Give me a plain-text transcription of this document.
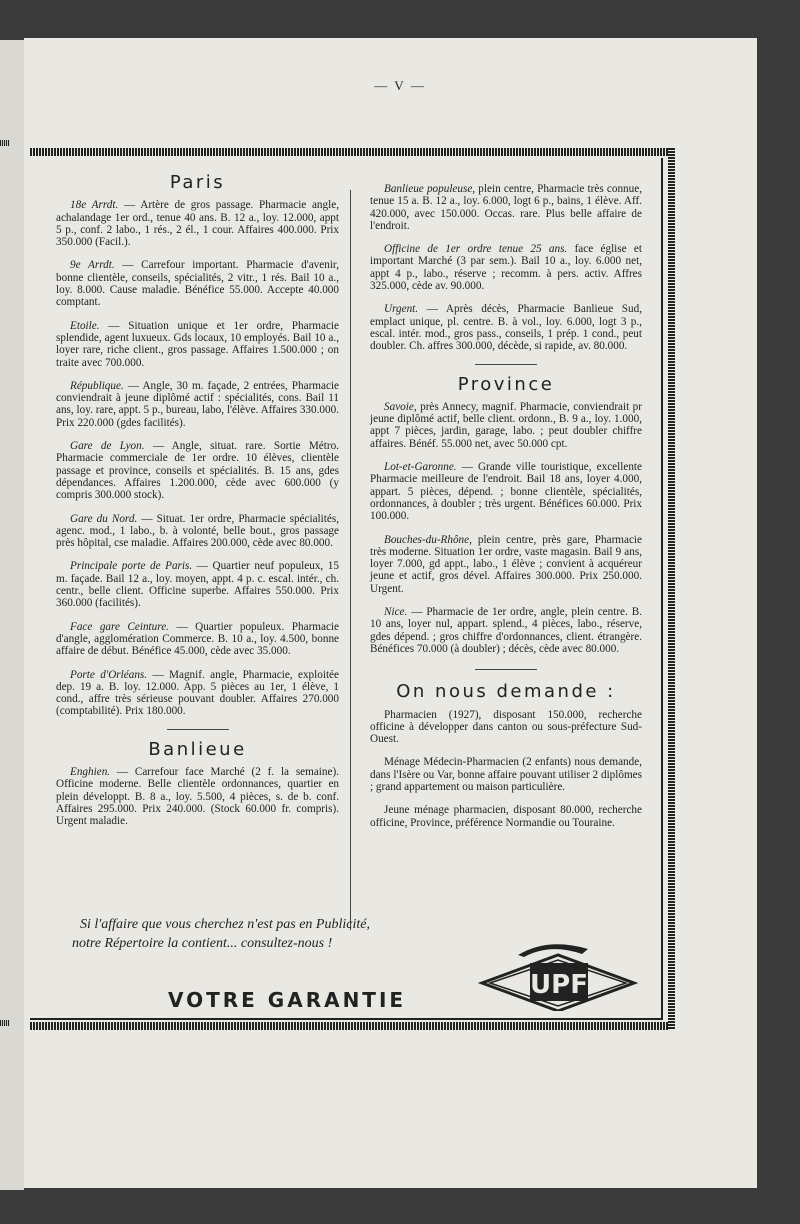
— V —
Paris

18e Arrdt. — Artère de gros passage. Pharmacie angle, achalandage 1er ord., tenue 40 ans. B. 12 a., loy. 12.000, appt 5 p., conf. 2 labo., 1 rés., 2 él., 1 cour. Affaires 400.000. Prix 350.000 (Facil.).

9e Arrdt. — Carrefour important. Pharmacie d'avenir, bonne clientèle, conseils, spécialités, 2 vitr., 1 rés. Bail 10 a., loy. 8.000. Cause maladie. Bénéfice 55.000. Accepte 40.000 comptant.

Etoile. — Situation unique et 1er ordre, Pharmacie splendide, agent luxueux. Gds locaux, 10 employés. Bail 10 a., loyer rare, riche client., gros passage. Affaires 1.500.000 ; on traite avec 700.000.

République. — Angle, 30 m. façade, 2 entrées, Pharmacie conviendrait à jeune diplômé actif : spécialités, cons. Bail 11 ans, loy. rare, appt. 5 p., bureau, labo, l'élève. Affaires 330.000. Prix 220.000 (gdes facilités).

Gare de Lyon. — Angle, situat. rare. Sortie Métro. Pharmacie commerciale de 1er ordre. 10 élèves, clientèle passage et province, conseils et spécialités. B. 15 ans, gdes dépendances. Affaires 1.200.000, cède avec 600.000 (y compris 300.000 stock).

Gare du Nord. — Situat. 1er ordre, Pharmacie spécialités, agenc. mod., 1 labo., b. à volonté, belle bout., gros passage près hôpital, cse maladie. Affaires 200.000, cède avec 80.000.

Principale porte de Paris. — Quartier neuf populeux, 15 m. façade. Bail 12 a., loy. moyen, appt. 4 p. c. escal. intér., ch. centr., belle client. Officine superbe. Affaires 550.000. Prix 360.000 (facilités).

Face gare Ceinture. — Quartier populeux. Pharmacie d'angle, agglomération Commerce. B. 10 a., loy. 4.500, bonne affaire de début. Bénéfice 45.000, cède avec 35.000.

Porte d'Orléans. — Magnif. angle, Pharmacie, exploitée dep. 19 a. B. loy. 12.000. App. 5 pièces au 1er, 1 élève, 1 cond., affre très sérieuse pouvant doubler. Affaires 270.000 (comptabilité). Prix 180.000.

Banlieue

Enghien. — Carrefour face Marché (2 f. la semaine). Officine moderne. Belle clientèle ordonnances, quartier en plein développt. B. 8 a., loy. 5.500, 4 pièces, s. de b. conf. Affaires 295.000. Prix 240.000. (Stock 60.000 fr. compris). Urgent maladie.

Banlieue populeuse, plein centre, Pharmacie très connue, tenue 15 a. B. 12 a., loy. 6.000, logt 6 p., bains, 1 élève. Aff. 420.000, avec 150.000. Occas. rare. Plus belle affaire de l'endroit.

Officine de 1er ordre tenue 25 ans. face église et important Marché (3 par sem.). Bail 10 a., loy. 6.000 net, appt 4 p., labo., réserve ; recomm. à pers. activ. Affres 325.000, cède av. 90.000.

Urgent. — Après décès, Pharmacie Banlieue Sud, emplact unique, pl. centre. B. à vol., loy. 6.000, logt 3 p., escal. intér. mod., gros pass., conseils, 1 prép. 1 cond., peut doubler. Ch. affres 300.000, décède, si rapide, av. 80.000.

Province

Savoie, près Annecy, magnif. Pharmacie, conviendrait pr jeune diplômé actif, belle client. ordonn., B. 9 a., loy. 1.000, appt 7 pièces, jardin, garage, labo. ; peut doubler chiffre affaires. Bénéf. 55.000 net, avec 50.000 cpt.

Lot-et-Garonne. — Grande ville touristique, excellente Pharmacie meilleure de l'endroit. Bail 18 ans, loyer 4.000, appart. 5 pièces, dépend. ; bonne clientèle, spécialités, ordonnances, à doubler ; très urgent. Bénéfices 60.000. Prix 100.000.

Bouches-du-Rhône, plein centre, près gare, Pharmacie très moderne. Situation 1er ordre, vaste magasin. Bail 9 ans, loyer 7.000, gd appt., labo., 1 élève ; convient à acquéreur jeune et actif, gros dével. Affaires 300.000. Prix 250.000. Urgent.

Nice. — Pharmacie de 1er ordre, angle, plein centre. B. 10 ans, loyer nul, appart. splend., 4 pièces, labo., réserve, gdes dépend. ; gros chiffre d'ordonnances, client. étrangère. Bénéfices 70.000 (à doubler) ; décès, cède avec 80.000.

On nous demande :

Pharmacien (1927), disposant 150.000, recherche officine à développer dans canton ou sous-préfecture Sud-Ouest.

Ménage Médecin-Pharmacien (2 enfants) nous demande, dans l'Isère ou Var, bonne affaire pouvant utiliser 2 diplômes ; grand appartement ou maison particulière.

Jeune ménage pharmacien, disposant 80.000, recherche officine, Province, préférence Normandie ou Touraine.

Si l'affaire que vous cherchez n'est pas en Publicité,
notre Répertoire la contient... consultez-nous !
VOTRE GARANTIE	UPF
